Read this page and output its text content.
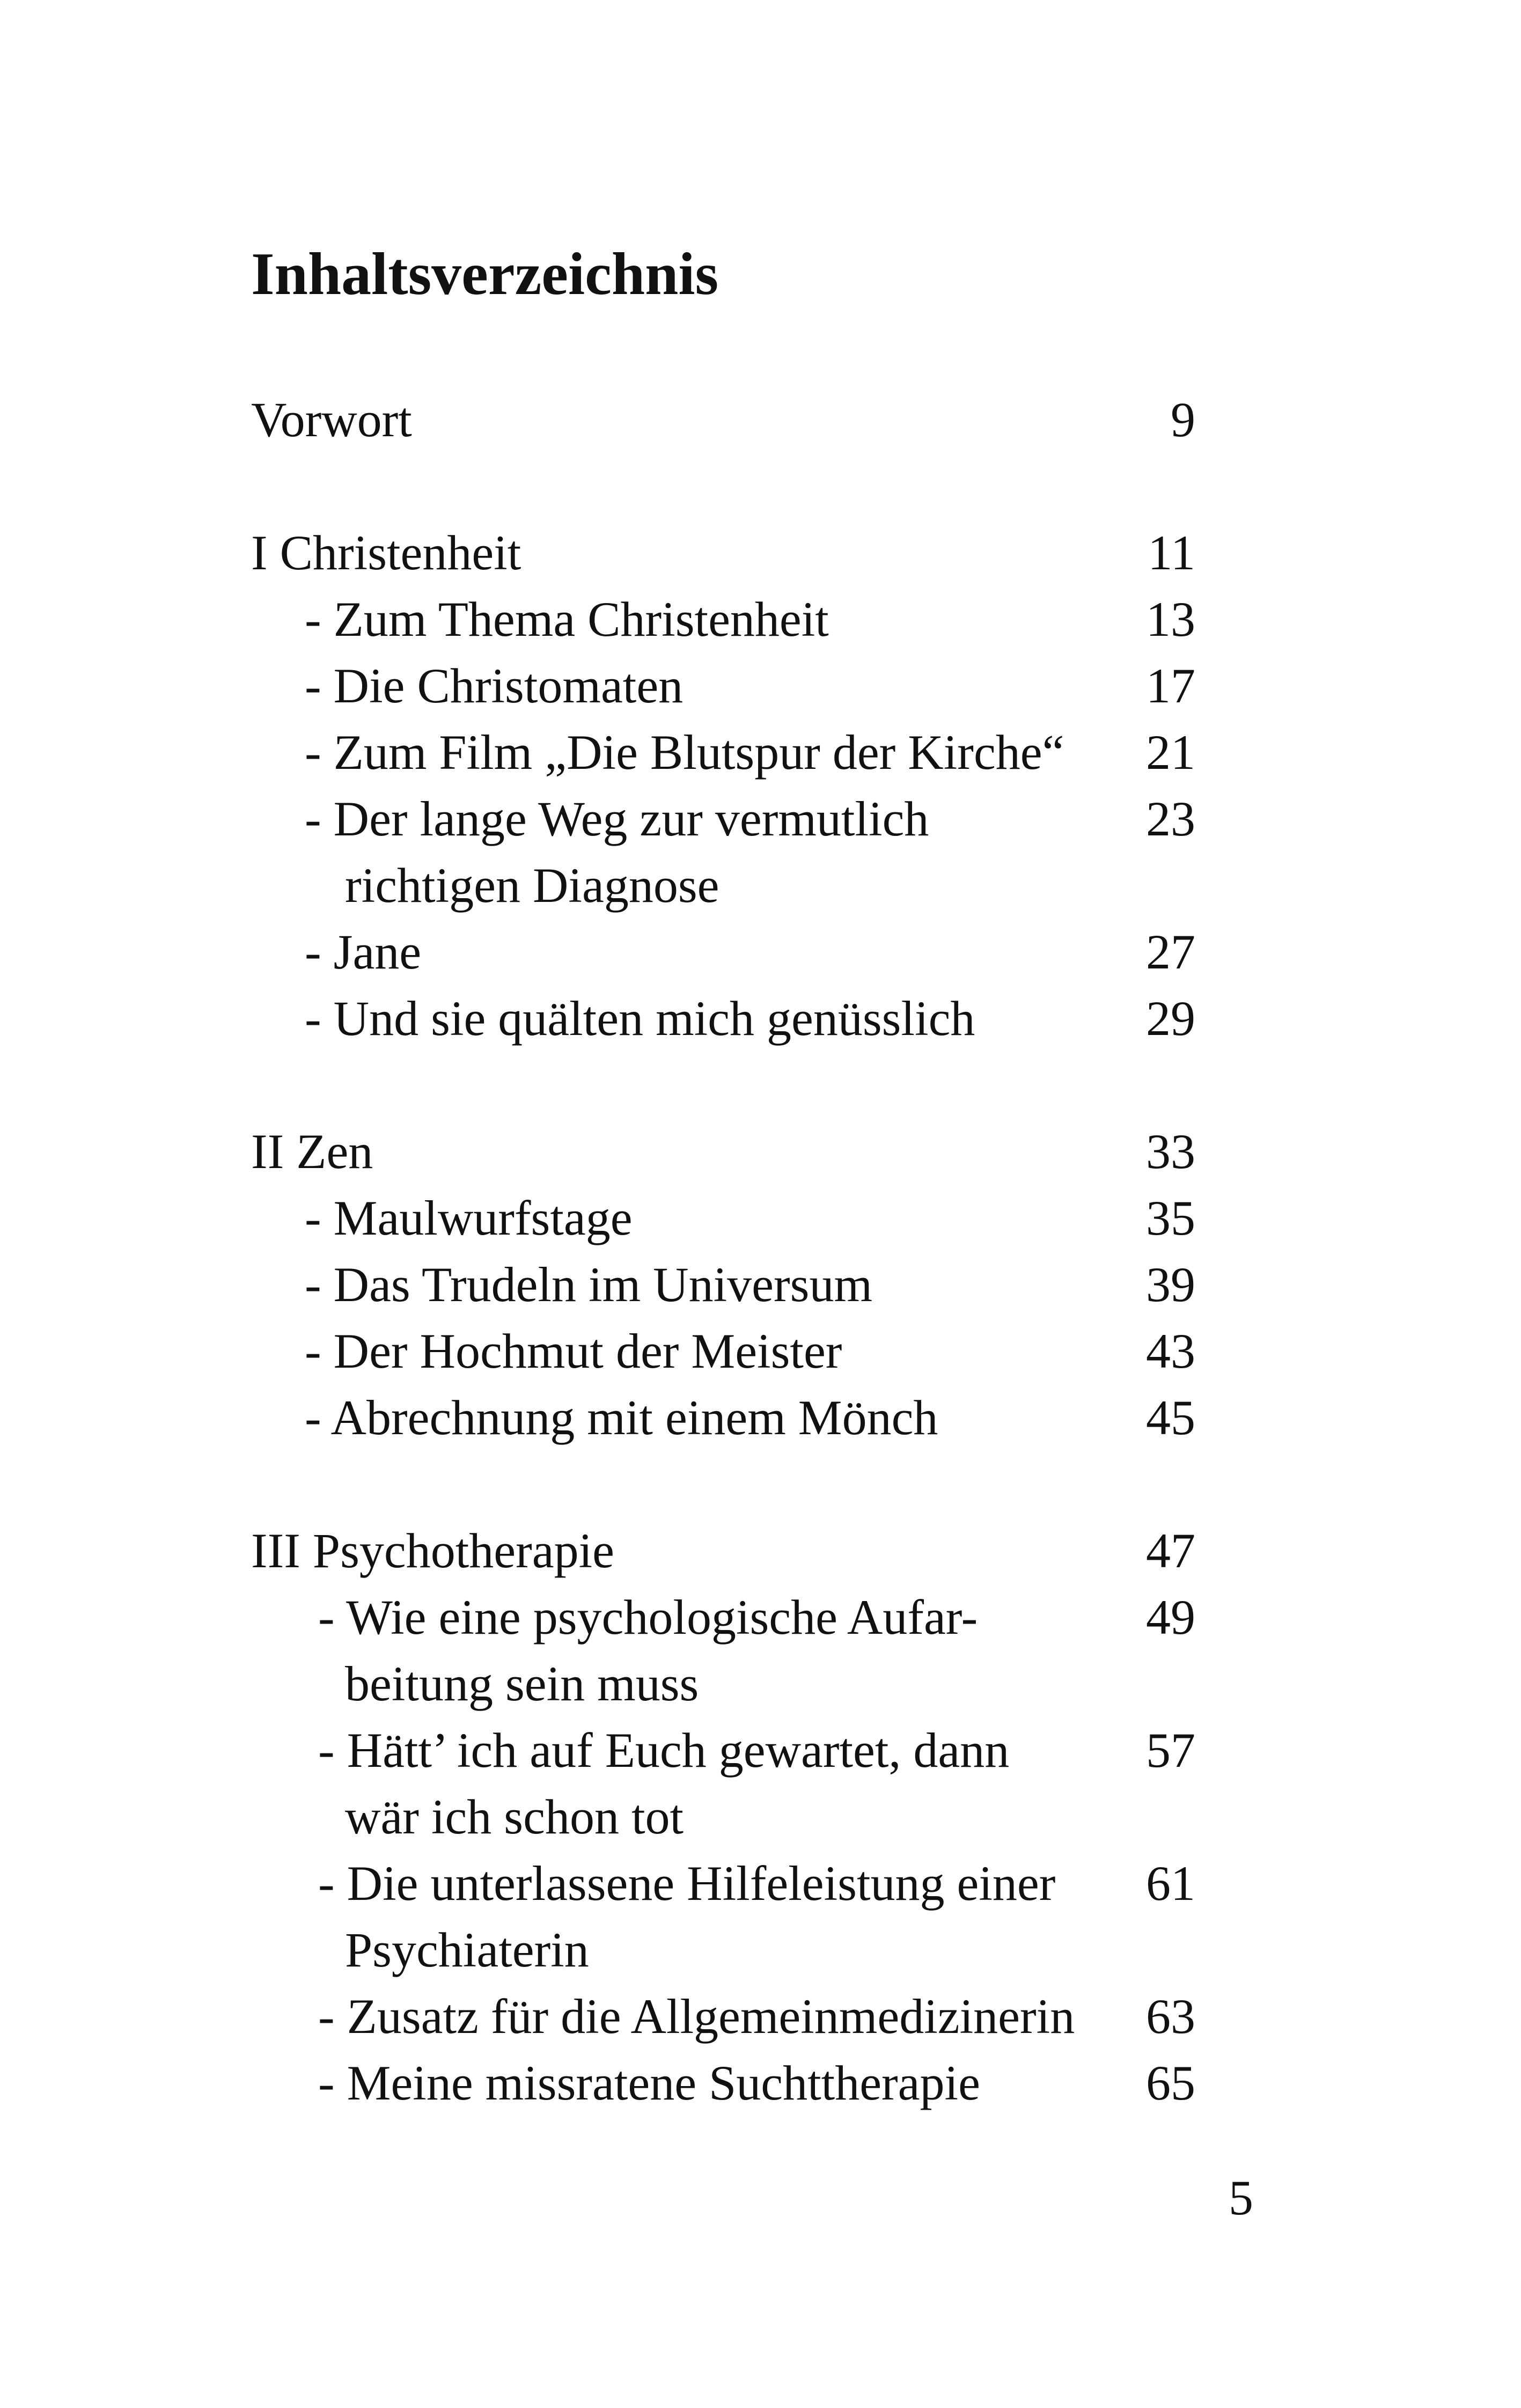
Inhaltsverzeichnis
Vorwort	9
I Christenheit	11
- Zum Thema Christenheit	13
- Die Christomaten	17
- Zum Film „Die Blutspur der Kirche“ 21
- Der lange Weg zur vermutlich	23
richtigen Diagnose
- Jane	27
- Und sie quälten mich genüsslich	29
II Zen	33
- Maulwurfstage	35
- Das Trudeln im Universum	39
- Der Hochmut der Meister	43
- Abrechnung mit einem Mönch	45
III Psychotherapie	47
- Wie eine psychologische Aufar-	49
beitung sein muss
- Hätt’ ich auf Euch gewartet, dann	57
wär ich schon tot
- Die unterlassene Hilfeleistung einer 61
Psychiaterin
- Zusatz für die Allgemeinmedizinerin 63
- Meine missratene Suchttherapie	65
5
